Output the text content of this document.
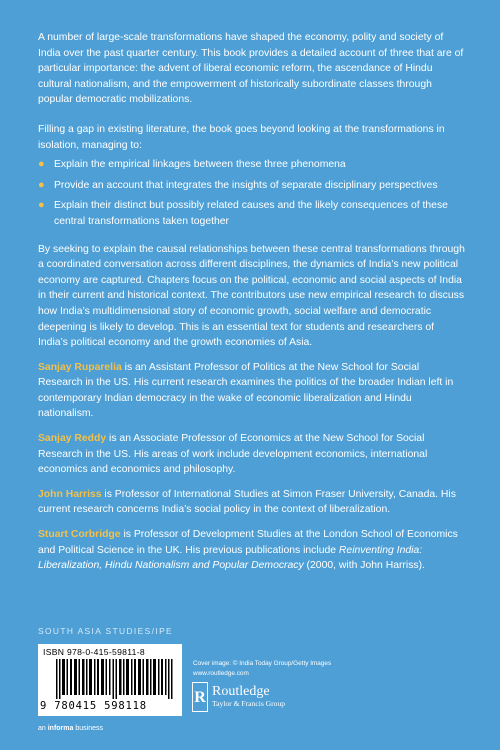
A number of large-scale transformations have shaped the economy, polity and society of India over the past quarter century. This book provides a detailed account of three that are of particular importance: the advent of liberal economic reform, the ascendance of Hindu cultural nationalism, and the empowerment of historically subordinate classes through popular democratic mobilizations.

Filling a gap in existing literature, the book goes beyond looking at the transformations in isolation, managing to:

● Explain the empirical linkages between these three phenomena
● Provide an account that integrates the insights of separate disciplinary perspectives
● Explain their distinct but possibly related causes and the likely consequences of these central transformations taken together

By seeking to explain the causal relationships between these central transformations through a coordinated conversation across different disciplines, the dynamics of India’s new political economy are captured. Chapters focus on the political, economic and social aspects of India in their current and historical context. The contributors use new empirical research to discuss how India’s multidimensional story of economic growth, social welfare and democratic deepening is likely to develop. This is an essential text for students and researchers of India’s political economy and the growth economies of Asia.

Sanjay Ruparelia is an Assistant Professor of Politics at the New School for Social Research in the US. His current research examines the politics of the broader Indian left in contemporary Indian democracy in the wake of economic liberalization and Hindu nationalism.

Sanjay Reddy is an Associate Professor of Economics at the New School for Social Research in the US. His areas of work include development economics, international economics and economics and philosophy.

John Harriss is Professor of International Studies at Simon Fraser University, Canada. His current research concerns India’s social policy in the context of liberalization.

Stuart Corbridge is Professor of Development Studies at the London School of Economics and Political Science in the UK. His previous publications include Reinventing India: Liberalization, Hindu Nationalism and Popular Democracy (2000, with John Harriss).

SOUTH ASIA STUDIES/IPE
ISBN 978-0-415-59811-8
9 780415 598118
an informa business
Cover image: © India Today Group/Getty Images
www.routledge.com
R Routledge
Taylor & Francis Group
